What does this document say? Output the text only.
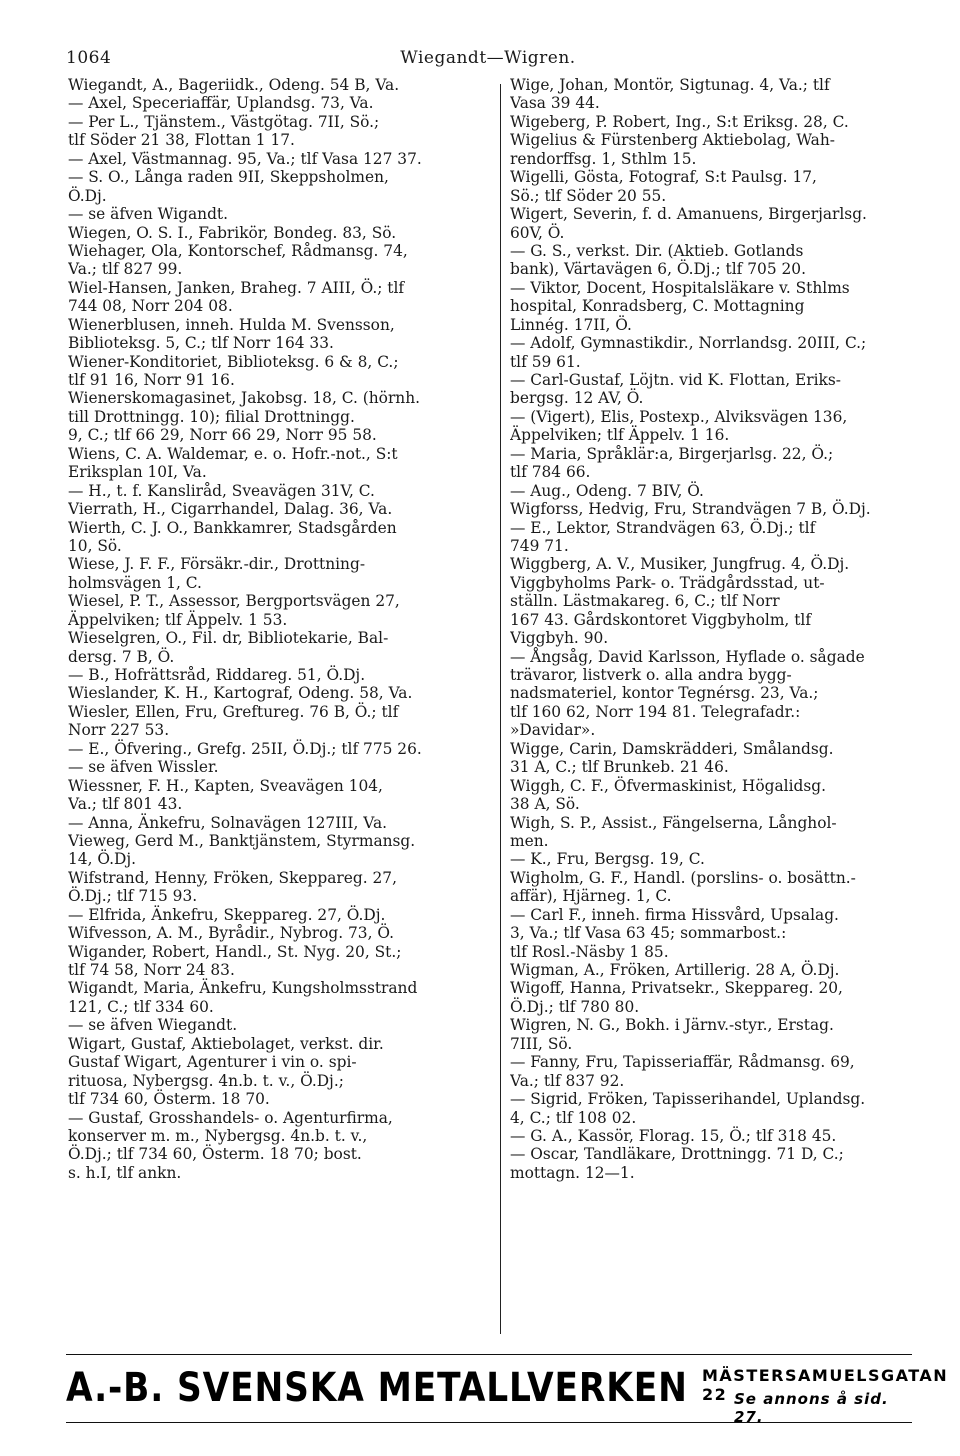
1064	Wiegandt—Wigren.
Wiegandt, A., Bageriidk., Odeng. 54 B, Va.
— Axel, Speceriaffär, Uplandsg. 73, Va.
— Per L., Tjänstem., Västgötag. 7II, Sö.;
tlf Söder 21 38, Flottan 1 17.
— Axel, Västmannag. 95, Va.; tlf Vasa 127 37.
— S. O., Långa raden 9II, Skeppsholmen,
Ö.Dj.
— se äfven Wigandt.
Wiegen, O. S. I., Fabrikör, Bondeg. 83, Sö.
Wiehager, Ola, Kontorschef, Rådmansg. 74,
Va.; tlf 827 99.
Wiel-Hansen, Janken, Braheg. 7 AIII, Ö.; tlf
744 08, Norr 204 08.
Wienerblusen, inneh. Hulda M. Svensson,
Biblioteksg. 5, C.; tlf Norr 164 33.
Wiener-Konditoriet, Biblioteksg. 6 & 8, C.;
tlf 91 16, Norr 91 16.
Wienerskomagasinet, Jakobsg. 18, C. (hörnh.
till Drottningg. 10); filial Drottningg.
9, C.; tlf 66 29, Norr 66 29, Norr 95 58.
Wiens, C. A. Waldemar, e. o. Hofr.-not., S:t
Eriksplan 10I, Va.
— H., t. f. Kansliråd, Sveavägen 31V, C.
Vierrath, H., Cigarrhandel, Dalag. 36, Va.
Wierth, C. J. O., Bankkamrer, Stadsgården
10, Sö.
Wiese, J. F. F., Försäkr.-dir., Drottning-
holmsvägen 1, C.
Wiesel, P. T., Assessor, Bergportsvägen 27,
Äppelviken; tlf Äppelv. 1 53.
Wieselgren, O., Fil. dr, Bibliotekarie, Bal-
dersg. 7 B, Ö.
— B., Hofrättsråd, Riddareg. 51, Ö.Dj.
Wieslander, K. H., Kartograf, Odeng. 58, Va.
Wiesler, Ellen, Fru, Greftureg. 76 B, Ö.; tlf
Norr 227 53.
— E., Öfvering., Grefg. 25II, Ö.Dj.; tlf 775 26.
— se äfven Wissler.
Wiessner, F. H., Kapten, Sveavägen 104,
Va.; tlf 801 43.
— Anna, Änkefru, Solnavägen 127III, Va.
Vieweg, Gerd M., Banktjänstem, Styrmansg.
14, Ö.Dj.
Wifstrand, Henny, Fröken, Skeppareg. 27,
Ö.Dj.; tlf 715 93.
— Elfrida, Änkefru, Skeppareg. 27, Ö.Dj.
Wifvesson, A. M., Byrådir., Nybrog. 73, Ö.
Wigander, Robert, Handl., St. Nyg. 20, St.;
tlf 74 58, Norr 24 83.
Wigandt, Maria, Änkefru, Kungsholmsstrand
121, C.; tlf 334 60.
— se äfven Wiegandt.
Wigart, Gustaf, Aktiebolaget, verkst. dir.
Gustaf Wigart, Agenturer i vin o. spi-
rituosa, Nybergsg. 4n.b. t. v., Ö.Dj.;
tlf 734 60, Österm. 18 70.
— Gustaf, Grosshandels- o. Agenturfirma,
konserver m. m., Nybergsg. 4n.b. t. v.,
Ö.Dj.; tlf 734 60, Österm. 18 70; bost.
s. h.I, tlf ankn.
Wige, Johan, Montör, Sigtunag. 4, Va.; tlf
Vasa 39 44.
Wigeberg, P. Robert, Ing., S:t Eriksg. 28, C.
Wigelius & Fürstenberg Aktiebolag, Wah-
rendorffsg. 1, Sthlm 15.
Wigelli, Gösta, Fotograf, S:t Paulsg. 17,
Sö.; tlf Söder 20 55.
Wigert, Severin, f. d. Amanuens, Birgerjarlsg.
60V, Ö.
— G. S., verkst. Dir. (Aktieb. Gotlands
bank), Värtavägen 6, Ö.Dj.; tlf 705 20.
— Viktor, Docent, Hospitalsläkare v. Sthlms
hospital, Konradsberg, C. Mottagning
Linnég. 17II, Ö.
— Adolf, Gymnastikdir., Norrlandsg. 20III, C.;
tlf 59 61.
— Carl-Gustaf, Löjtn. vid K. Flottan, Eriks-
bergsg. 12 AV, Ö.
— (Vigert), Elis, Postexp., Alviksvägen 136,
Äppelviken; tlf Äppelv. 1 16.
— Maria, Språklär:a, Birgerjarlsg. 22, Ö.;
tlf 784 66.
— Aug., Odeng. 7 BIV, Ö.
Wigforss, Hedvig, Fru, Strandvägen 7 B, Ö.Dj.
— E., Lektor, Strandvägen 63, Ö.Dj.; tlf
749 71.
Wiggberg, A. V., Musiker, Jungfrug. 4, Ö.Dj.
Viggbyholms Park- o. Trädgårdsstad, ut-
ställn. Lästmakareg. 6, C.; tlf Norr
167 43. Gårdskontoret Viggbyholm, tlf
Viggbyh. 90.
— Ångsåg, David Karlsson, Hyflade o. sågade
trävaror, listverk o. alla andra bygg-
nadsmateriel, kontor Tegnérsg. 23, Va.;
tlf 160 62, Norr 194 81. Telegrafadr.:
»Davidar».
Wigge, Carin, Damskrädderi, Smålandsg.
31 A, C.; tlf Brunkeb. 21 46.
Wiggh, C. F., Öfvermaskinist, Högalidsg.
38 A, Sö.
Wigh, S. P., Assist., Fängelserna, Långhol-
men.
— K., Fru, Bergsg. 19, C.
Wigholm, G. F., Handl. (porslins- o. bosättn.-
affär), Hjärneg. 1, C.
— Carl F., inneh. firma Hissvård, Upsalag.
3, Va.; tlf Vasa 63 45; sommarbost.:
tlf Rosl.-Näsby 1 85.
Wigman, A., Fröken, Artillerig. 28 A, Ö.Dj.
Wigoff, Hanna, Privatsekr., Skeppareg. 20,
Ö.Dj.; tlf 780 80.
Wigren, N. G., Bokh. i Järnv.-styr., Erstag.
7III, Sö.
— Fanny, Fru, Tapisseriaffär, Rådmansg. 69,
Va.; tlf 837 92.
— Sigrid, Fröken, Tapisserihandel, Uplandsg.
4, C.; tlf 108 02.
— G. A., Kassör, Florag. 15, Ö.; tlf 318 45.
— Oscar, Tandläkare, Drottningg. 71 D, C.;
mottagn. 12—1.
A.-B. SVENSKA METALLVERKEN MÄSTERSAMUELSGATAN 22 Se annons å sid. 27.
